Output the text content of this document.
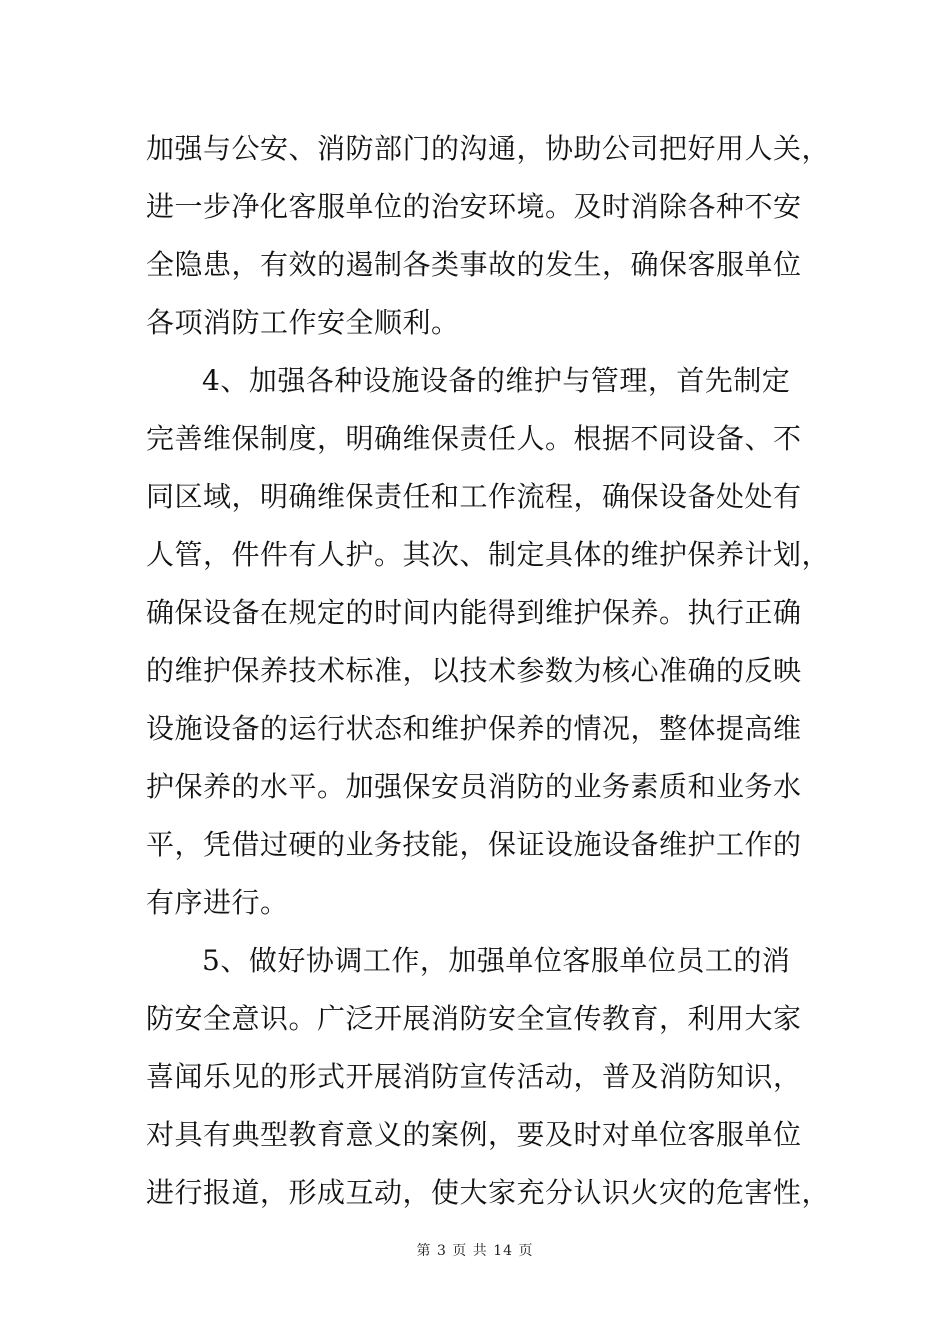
加强与公安、消防部门的沟通，协助公司把好用人关，
进一步净化客服单位的治安环境。及时消除各种不安
全隐患，有效的遏制各类事故的发生，确保客服单位
各项消防工作安全顺利。
4、加强各种设施设备的维护与管理，首先制定
完善维保制度，明确维保责任人。根据不同设备、不
同区域，明确维保责任和工作流程，确保设备处处有
人管，件件有人护。其次、制定具体的维护保养计划，
确保设备在规定的时间内能得到维护保养。执行正确
的维护保养技术标准，以技术参数为核心准确的反映
设施设备的运行状态和维护保养的情况，整体提高维
护保养的水平。加强保安员消防的业务素质和业务水
平，凭借过硬的业务技能，保证设施设备维护工作的
有序进行。
5、做好协调工作，加强单位客服单位员工的消
防安全意识。广泛开展消防安全宣传教育，利用大家
喜闻乐见的形式开展消防宣传活动，普及消防知识，
对具有典型教育意义的案例，要及时对单位客服单位
进行报道，形成互动，使大家充分认识火灾的危害性，
第 3 页 共 14 页
